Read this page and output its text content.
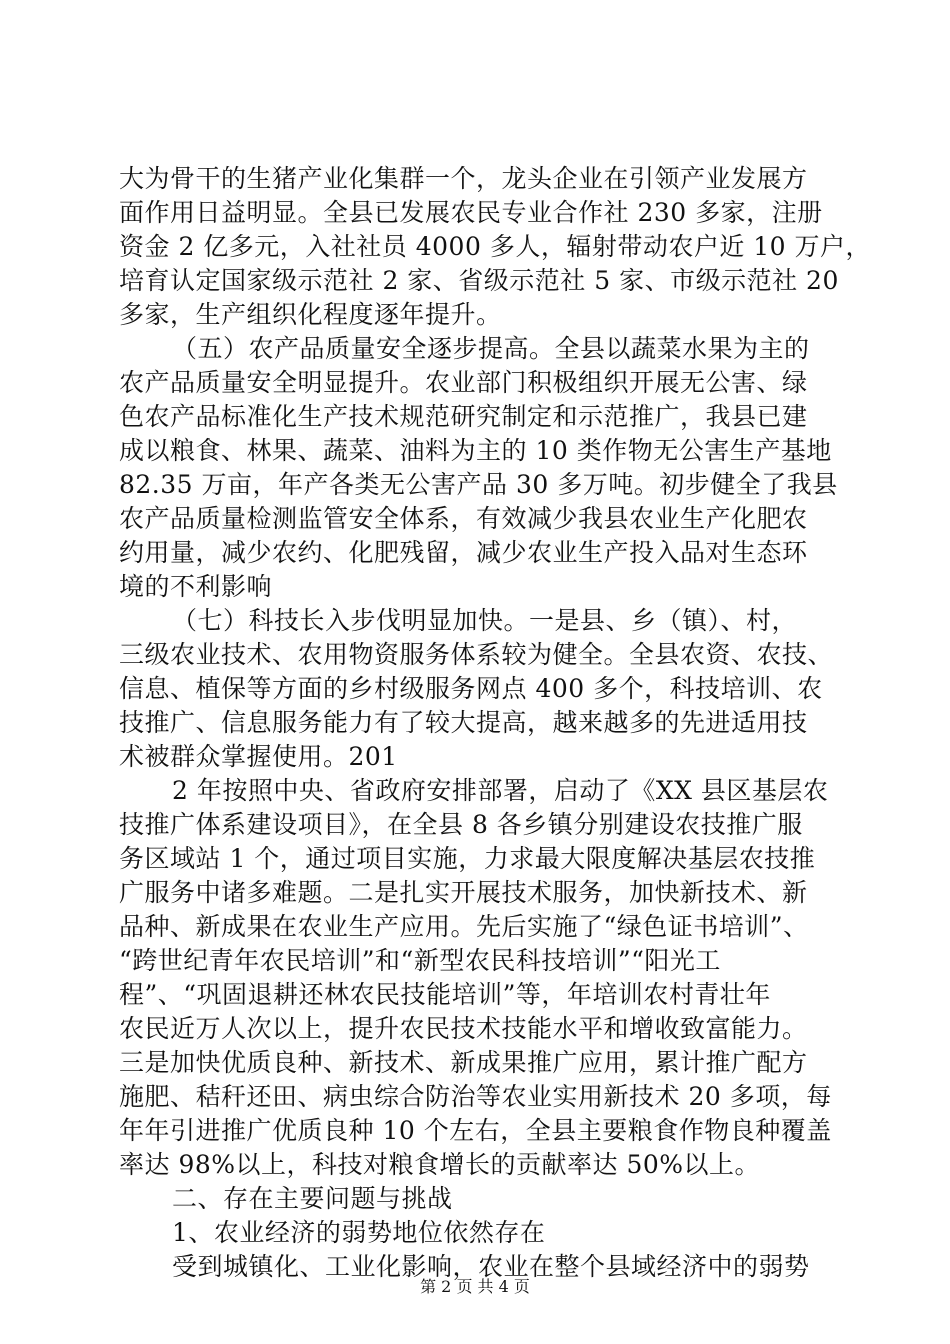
大为骨干的生猪产业化集群一个，龙头企业在引领产业发展方
面作用日益明显。全县已发展农民专业合作社 230 多家，注册
资金 2 亿多元，入社社员 4000 多人，辐射带动农户近 10 万户，
培育认定国家级示范社 2 家、省级示范社 5 家、市级示范社 20
多家，生产组织化程度逐年提升。
（五）农产品质量安全逐步提高。全县以蔬菜水果为主的
农产品质量安全明显提升。农业部门积极组织开展无公害、绿
色农产品标准化生产技术规范研究制定和示范推广，我县已建
成以粮食、林果、蔬菜、油料为主的 10 类作物无公害生产基地
82.35 万亩，年产各类无公害产品 30 多万吨。初步健全了我县
农产品质量检测监管安全体系，有效减少我县农业生产化肥农
约用量，减少农约、化肥残留，减少农业生产投入品对生态环
境的不利影响
（七）科技长入步伐明显加快。一是县、乡（镇）、村，
三级农业技术、农用物资服务体系较为健全。全县农资、农技、
信息、植保等方面的乡村级服务网点 400 多个，科技培训、农
技推广、信息服务能力有了较大提高，越来越多的先进适用技
术被群众掌握使用。201
2 年按照中央、省政府安排部署，启动了《XX 县区基层农
技推广体系建设项目》，在全县 8 各乡镇分别建设农技推广服
务区域站 1 个，通过项目实施，力求最大限度解决基层农技推
广服务中诸多难题。二是扎实开展技术服务，加快新技术、新
品种、新成果在农业生产应用。先后实施了“绿色证书培训”、
“跨世纪青年农民培训”和“新型农民科技培训”“阳光工
程”、“巩固退耕还林农民技能培训”等，年培训农村青壮年
农民近万人次以上，提升农民技术技能水平和增收致富能力。
三是加快优质良种、新技术、新成果推广应用，累计推广配方
施肥、秸秆还田、病虫综合防治等农业实用新技术 20 多项，每
年年引进推广优质良种 10 个左右，全县主要粮食作物良种覆盖
率达 98%以上，科技对粮食增长的贡献率达 50%以上。
二、存在主要问题与挑战
1、农业经济的弱势地位依然存在
受到城镇化、工业化影响，农业在整个县域经济中的弱势
第 2 页 共 4 页
